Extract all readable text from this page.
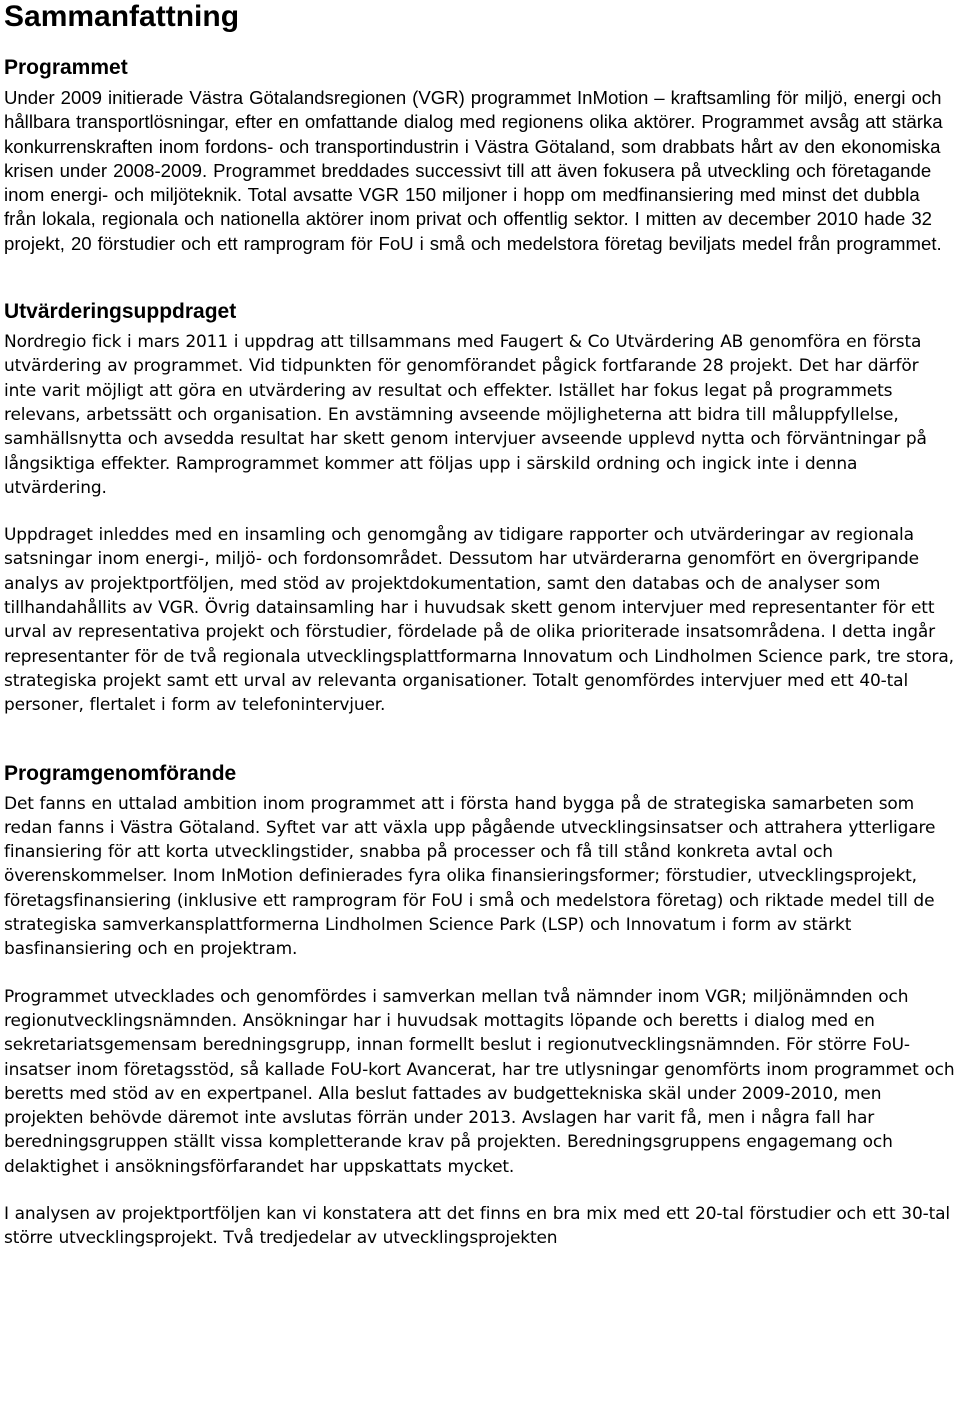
Sammanfattning
Programmet

Under 2009 initierade Västra Götalandsregionen (VGR) programmet InMotion – kraftsamling för miljö, energi och hållbara transportlösningar, efter en omfattande dialog med regionens olika aktörer. Programmet avsåg att stärka konkurrenskraften inom fordons- och transportindustrin i Västra Götaland, som drabbats hårt av den ekonomiska krisen under 2008-2009. Programmet breddades successivt till att även fokusera på utveckling och företagande inom energi- och miljöteknik. Total avsatte VGR 150 miljoner i hopp om medfinansiering med minst det dubbla från lokala, regionala och nationella aktörer inom privat och offentlig sektor. I mitten av december 2010 hade 32 projekt, 20 förstudier och ett ramprogram för FoU i små och medelstora företag beviljats medel från programmet.

Utvärderingsuppdraget

Nordregio fick i mars 2011 i uppdrag att tillsammans med Faugert & Co Utvärdering AB genomföra en första utvärdering av programmet. Vid tidpunkten för genomförandet pågick fortfarande 28 projekt. Det har därför inte varit möjligt att göra en utvärdering av resultat och effekter. Istället har fokus legat på programmets relevans, arbetssätt och organisation. En avstämning avseende möjligheterna att bidra till måluppfyllelse, samhällsnytta och avsedda resultat har skett genom intervjuer avseende upplevd nytta och förväntningar på långsiktiga effekter. Ramprogrammet kommer att följas upp i särskild ordning och ingick inte i denna utvärdering.

Uppdraget inleddes med en insamling och genomgång av tidigare rapporter och utvärderingar av regionala satsningar inom energi-, miljö- och fordonsområdet. Dessutom har utvärderarna genomfört en övergripande analys av projektportföljen, med stöd av projektdokumentation, samt den databas och de analyser som tillhandahållits av VGR. Övrig datainsamling har i huvudsak skett genom intervjuer med representanter för ett urval av representativa projekt och förstudier, fördelade på de olika prioriterade insatsområdena. I detta ingår representanter för de två regionala utvecklingsplattformarna Innovatum och Lindholmen Science park, tre stora, strategiska projekt samt ett urval av relevanta organisationer. Totalt genomfördes intervjuer med ett 40-tal personer, flertalet i form av telefonintervjuer.

Programgenomförande

Det fanns en uttalad ambition inom programmet att i första hand bygga på de strategiska samarbeten som redan fanns i Västra Götaland. Syftet var att växla upp pågående utvecklingsinsatser och attrahera ytterligare finansiering för att korta utvecklingstider, snabba på processer och få till stånd konkreta avtal och överenskommelser. Inom InMotion definierades fyra olika finansieringsformer; förstudier, utvecklingsprojekt, företagsfinansiering (inklusive ett ramprogram för FoU i små och medelstora företag) och riktade medel till de strategiska samverkansplattformerna Lindholmen Science Park (LSP) och Innovatum i form av stärkt basfinansiering och en projektram.

Programmet utvecklades och genomfördes i samverkan mellan två nämnder inom VGR; miljönämnden och regionutvecklingsnämnden. Ansökningar har i huvudsak mottagits löpande och beretts i dialog med en sekretariatsgemensam beredningsgrupp, innan formellt beslut i regionutvecklingsnämnden. För större FoU-insatser inom företagsstöd, så kallade FoU-kort Avancerat, har tre utlysningar genomförts inom programmet och beretts med stöd av en expertpanel. Alla beslut fattades av budgettekniska skäl under 2009-2010, men projekten behövde däremot inte avslutas förrän under 2013. Avslagen har varit få, men i några fall har beredningsgruppen ställt vissa kompletterande krav på projekten. Beredningsgruppens engagemang och delaktighet i ansökningsförfarandet har uppskattats mycket.

I analysen av projektportföljen kan vi konstatera att det finns en bra mix med ett 20-tal förstudier och ett 30-tal större utvecklingsprojekt. Två tredjedelar av utvecklingsprojekten
